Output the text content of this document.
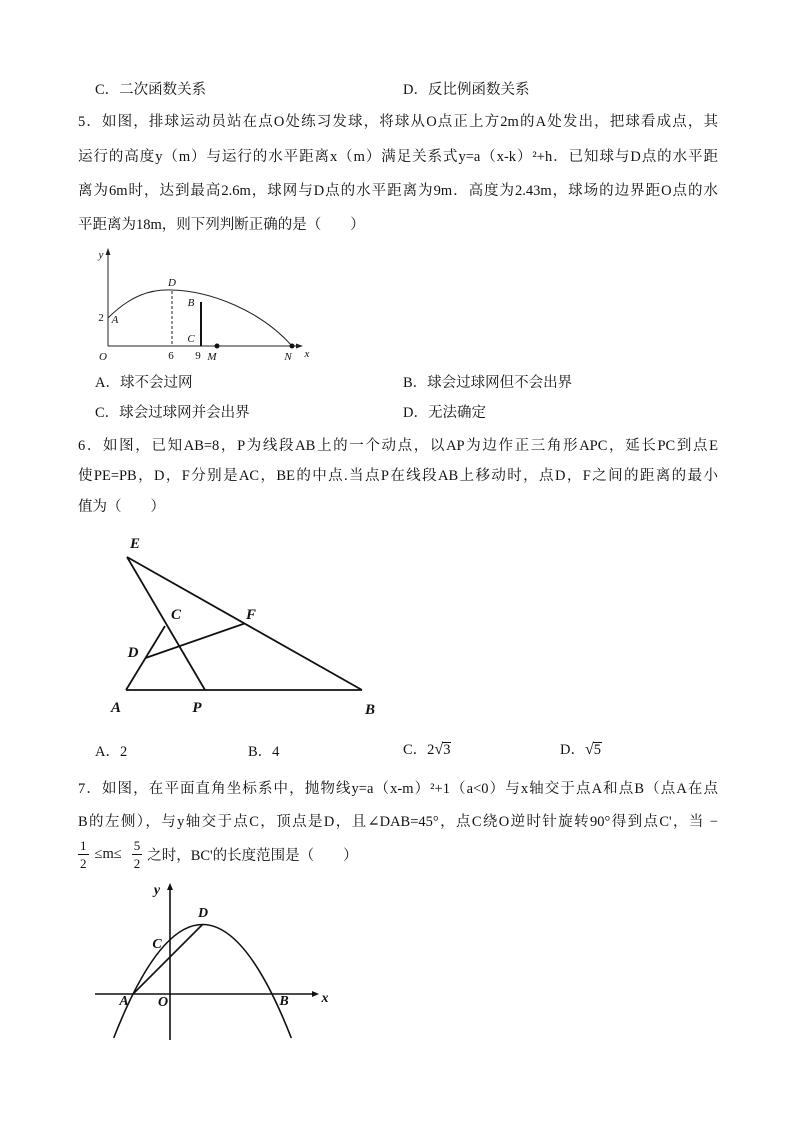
C．二次函数关系	D．反比例函数关系
5．如图，排球运动员站在点O处练习发球，将球从O点正上方2m的A处发出，把球看成点，其
运行的高度y（m）与运行的水平距离x（m）满足关系式y=a（x-k）²+h．已知球与D点的水平距
离为6m时，达到最高2.6m，球网与D点的水平距离为9m．高度为2.43m，球场的边界距O点的水
平距离为18m，则下列判断正确的是（　　）
y
O
2 A
D
B
C
6 9 M	N x
A．球不会过网	B．球会过球网但不会出界
C．球会过球网并会出界	D．无法确定
6．如图，已知AB=8，P为线段AB上的一个动点，以AP为边作正三角形APC，延长PC到点E
使PE=PB，D，F分别是AC，BE的中点.当点P在线段AB上移动时，点D，F之间的距离的最小
值为（　　）
E
C
D
F
A	P	B
A．2	B．4	C．2 √ 3	D． √ 5
7．如图，在平面直角坐标系中，抛物线y=a（x-m）²+1（a<0）与x轴交于点A和点B（点A在点
B的左侧），与y轴交于点C，顶点是D，且∠DAB=45°，点C绕O逆时针旋转90°得到点C'，当 −
$\frac{1}{2} \le m\le \frac{5}{2}$ 之时，BC'的长度范围是（　　）
y
x
D
C
A O	B
